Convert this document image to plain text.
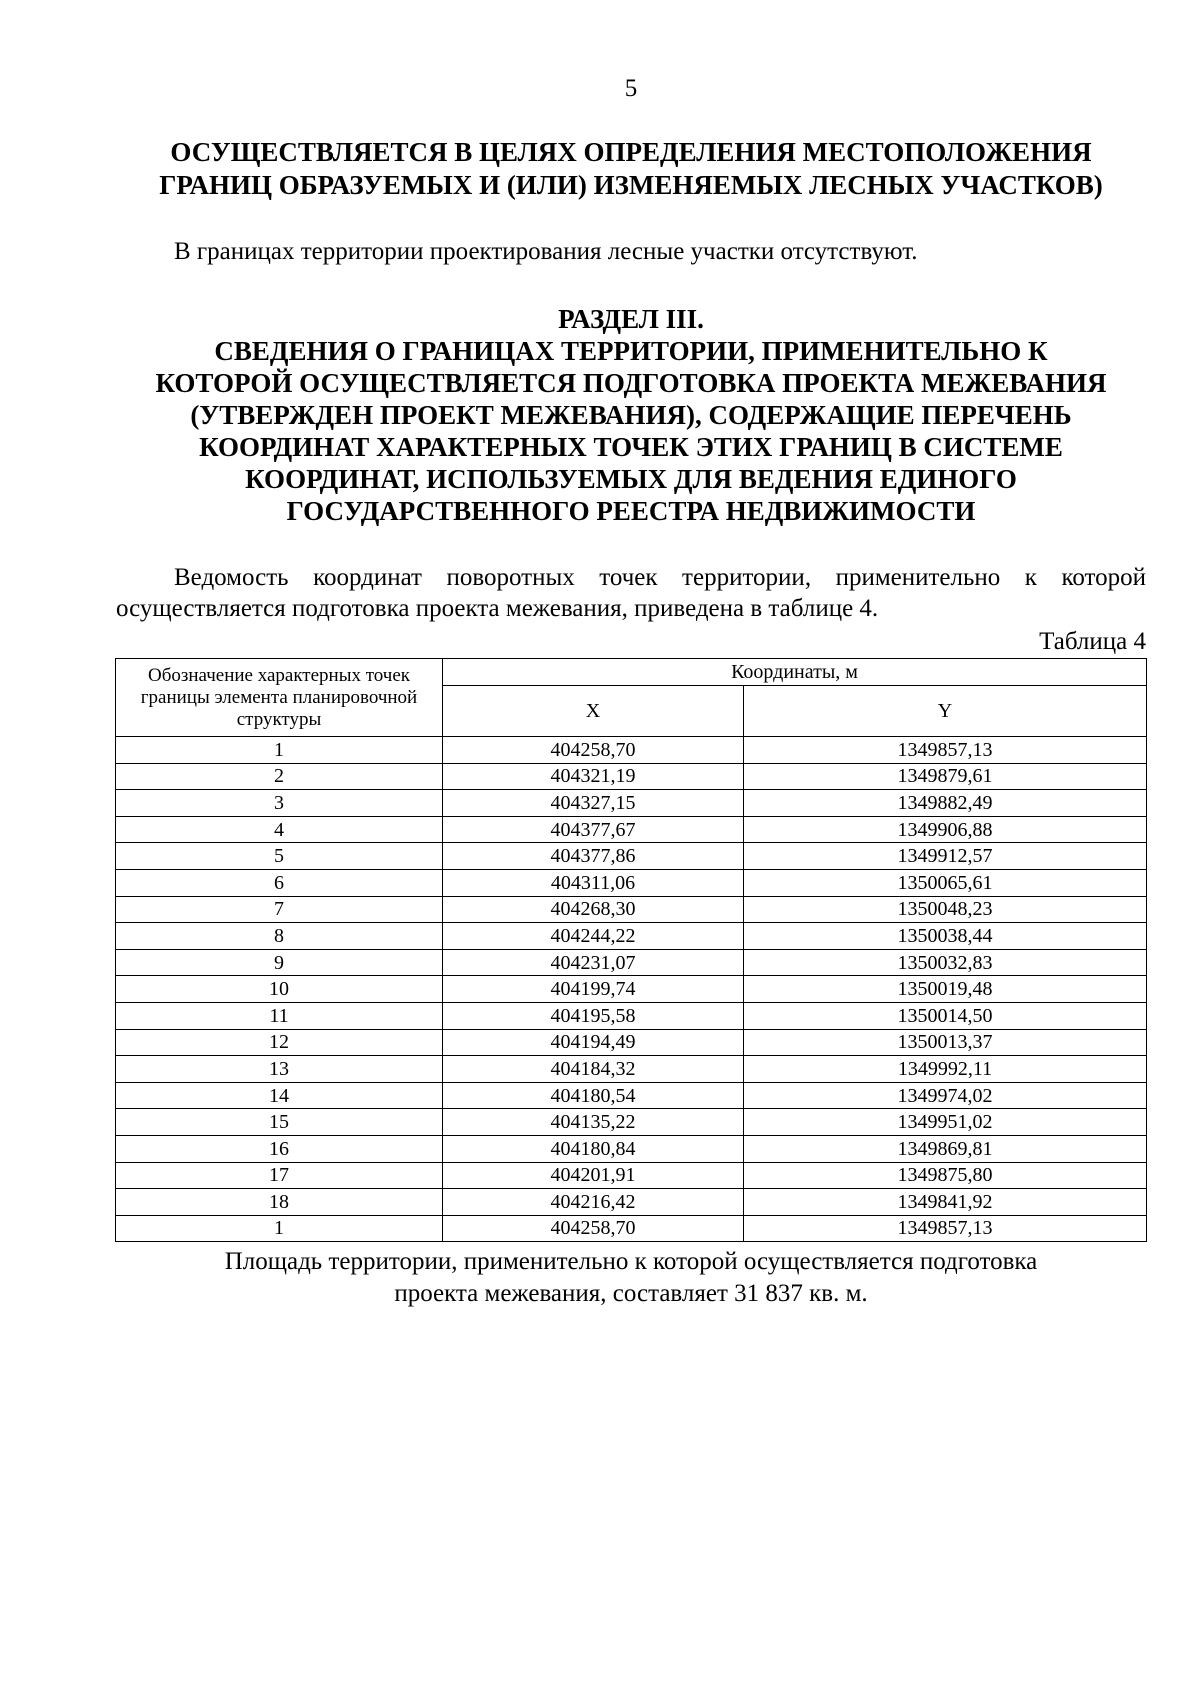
5
ОСУЩЕСТВЛЯЕТСЯ В ЦЕЛЯХ ОПРЕДЕЛЕНИЯ МЕСТОПОЛОЖЕНИЯ
ГРАНИЦ ОБРАЗУЕМЫХ И (ИЛИ) ИЗМЕНЯЕМЫХ ЛЕСНЫХ УЧАСТКОВ)
В границах территории проектирования лесные участки отсутствуют.
РАЗДЕЛ III.
СВЕДЕНИЯ О ГРАНИЦАХ ТЕРРИТОРИИ, ПРИМЕНИТЕЛЬНО К
КОТОРОЙ ОСУЩЕСТВЛЯЕТСЯ ПОДГОТОВКА ПРОЕКТА МЕЖЕВАНИЯ
(УТВЕРЖДЕН ПРОЕКТ МЕЖЕВАНИЯ), СОДЕРЖАЩИЕ ПЕРЕЧЕНЬ
КООРДИНАТ ХАРАКТЕРНЫХ ТОЧЕК ЭТИХ ГРАНИЦ В СИСТЕМЕ
КООРДИНАТ, ИСПОЛЬЗУЕМЫХ ДЛЯ ВЕДЕНИЯ ЕДИНОГО
ГОСУДАРСТВЕННОГО РЕЕСТРА НЕДВИЖИМОСТИ
Ведомость координат поворотных точек территории, применительно к которой
осуществляется подготовка проекта межевания, приведена в таблице 4.
Таблица 4
Обозначение характерных точек границы элемента планировочной структуры	Координаты, м	
	X	Y
1	404258,70	1349857,13
2	404321,19	1349879,61
3	404327,15	1349882,49
4	404377,67	1349906,88
5	404377,86	1349912,57
6	404311,06	1350065,61
7	404268,30	1350048,23
8	404244,22	1350038,44
9	404231,07	1350032,83
10	404199,74	1350019,48
11	404195,58	1350014,50
12	404194,49	1350013,37
13	404184,32	1349992,11
14	404180,54	1349974,02
15	404135,22	1349951,02
16	404180,84	1349869,81
17	404201,91	1349875,80
18	404216,42	1349841,92
1	404258,70	1349857,13
Площадь территории, применительно к которой осуществляется подготовка
проекта межевания, составляет 31 837 кв. м.
